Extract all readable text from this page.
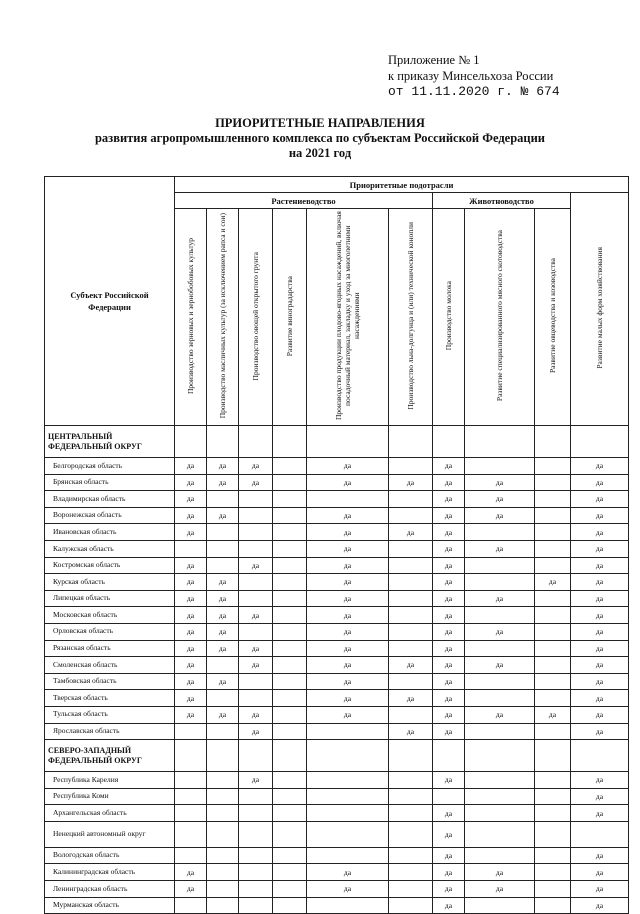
Приложение № 1
к приказу Минсельхоза России
от 11.11.2020 г. № 674
ПРИОРИТЕТНЫЕ НАПРАВЛЕНИЯ
развития агропромышленного комплекса по субъектам Российской Федерации
на 2021 год
Субъект Российской Федерации	Приоритетные подотрасли									
	Растениеводство						Животноводство			Развитие малых форм хозяйствования
	Производство зерновых и зернобобовых культур	Производство масличных культур (за исключением рапса и сои)	Производство овощей открытого грунта	Развитие виноградарства	Производство продукции плодово-ягодных насаждений, включая посадочный материал, закладку и уход за многолетними насаждениями	Производство льна-долгунца и (или) технической конопли	Производство молока	Развитие специализированного мясного скотоводства	Развитие овцеводства и козоводства	
ЦЕНТРАЛЬНЫЙ ФЕДЕРАЛЬНЫЙ ОКРУГ										
Белгородская область	да	да	да		да		да			да
Брянская область	да	да	да		да	да	да	да		да
Владимирская область	да						да	да		да
Воронежская область	да	да			да		да	да		да
Ивановская область	да				да	да	да			да
Калужская область					да		да	да		да
Костромская область	да		да		да		да			да
Курская область	да	да			да		да		да	да
Липецкая область	да	да			да		да	да		да
Московская область	да	да	да		да		да			да
Орловская область	да	да			да		да	да		да
Рязанская область	да	да	да		да		да			да
Смоленская область	да		да		да	да	да	да		да
Тамбовская область	да	да			да		да			да
Тверская область	да				да	да	да			да
Тульская область	да	да	да		да		да	да	да	да
Ярославская область			да			да	да			да
СЕВЕРО-ЗАПАДНЫЙ ФЕДЕРАЛЬНЫЙ ОКРУГ										
Республика Карелия			да				да			да
Республика Коми										да
Архангельская область							да			да
Ненецкий автономный округ							да			
Вологодская область							да			да
Калининградская область	да				да		да	да		да
Ленинградская область	да				да		да	да		да
Мурманская область							да			да
